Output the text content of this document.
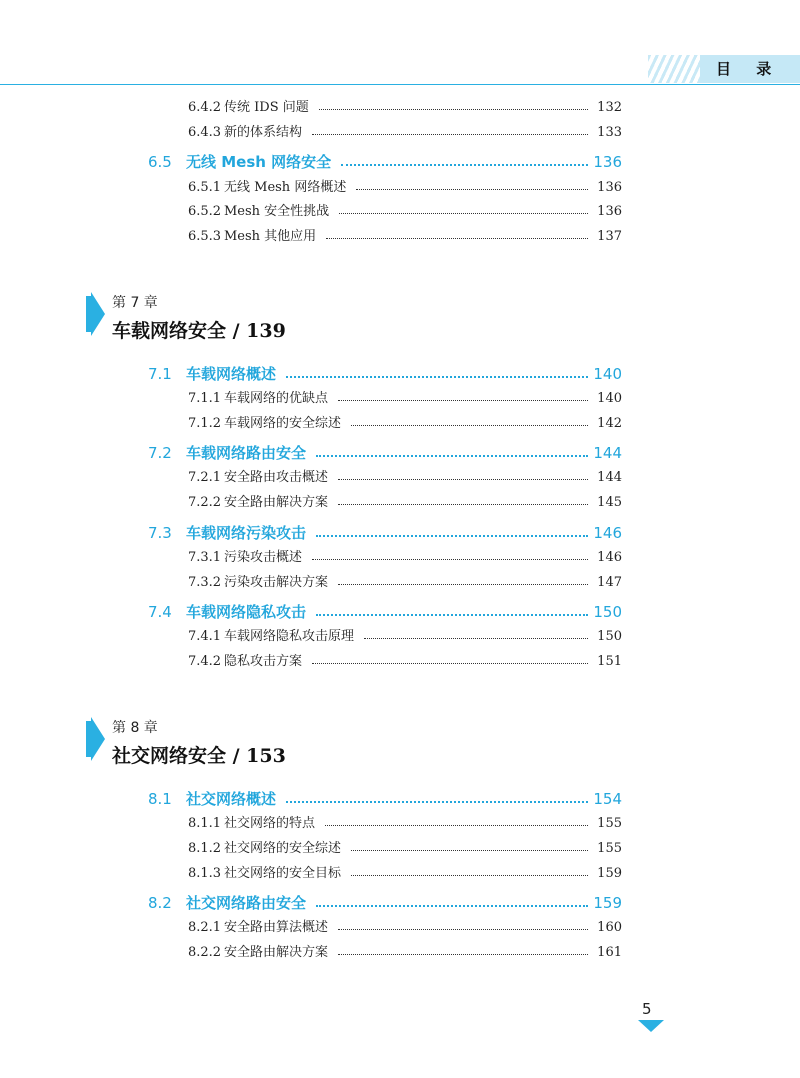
目 录
6.4.2 传统 IDS 问题	132
6.4.3 新的体系结构	133
6.5 无线 Mesh 网络安全	136
6.5.1 无线 Mesh 网络概述	136
6.5.2 Mesh 安全性挑战	136
6.5.3 Mesh 其他应用	137
第 7 章
车载网络安全 / 139
7.1 车载网络概述	140
7.1.1 车载网络的优缺点	140
7.1.2 车载网络的安全综述	142
7.2 车载网络路由安全	144
7.2.1 安全路由攻击概述	144
7.2.2 安全路由解决方案	145
7.3 车载网络污染攻击	146
7.3.1 污染攻击概述	146
7.3.2 污染攻击解决方案	147
7.4 车载网络隐私攻击	150
7.4.1 车载网络隐私攻击原理	150
7.4.2 隐私攻击方案	151
第 8 章
社交网络安全 / 153
8.1 社交网络概述	154
8.1.1 社交网络的特点	155
8.1.2 社交网络的安全综述	155
8.1.3 社交网络的安全目标	159
8.2 社交网络路由安全	159
8.2.1 安全路由算法概述	160
8.2.2 安全路由解决方案	161
5
